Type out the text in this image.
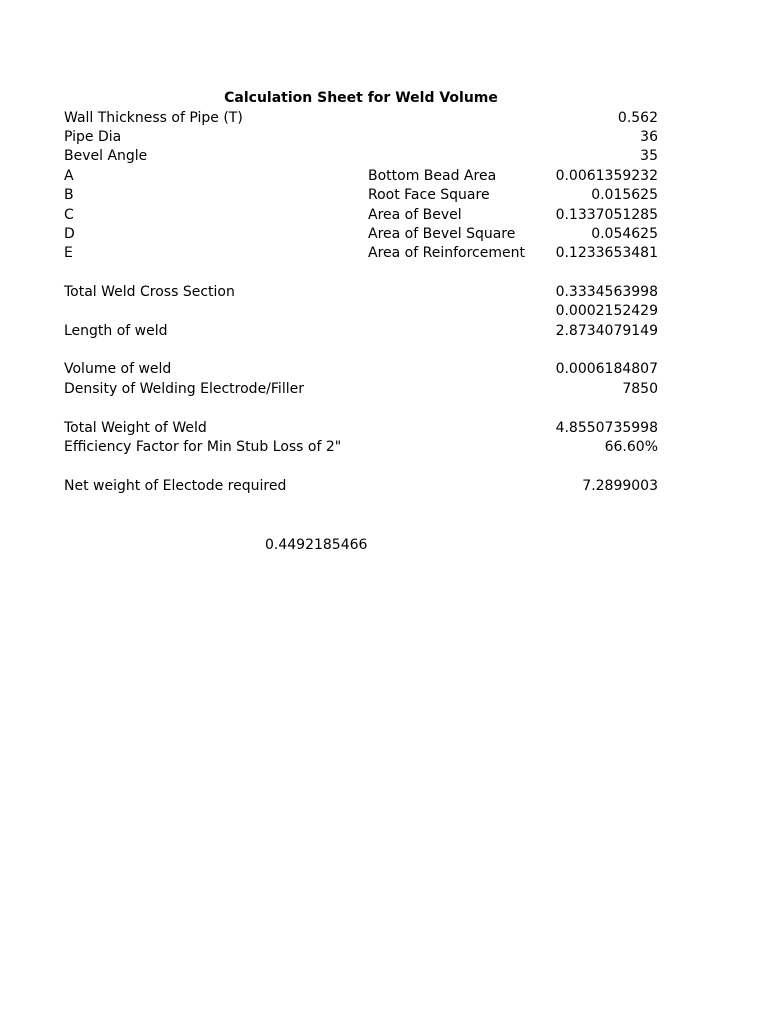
Calculation Sheet for Weld Volume
Wall Thickness of Pipe (T)	0.562
Pipe Dia	36
Bevel Angle	35
A	Bottom Bead Area	0.0061359232
B	Root Face Square	0.015625
C	Area of Bevel	0.1337051285
D	Area of Bevel Square	0.054625
E	Area of Reinforcement 0.1233653481
Total Weld Cross Section	0.3334563998
0.0002152429
Length of weld	2.8734079149
Volume of weld	0.0006184807
Density of Welding Electrode/Filler	7850
Total Weight of Weld	4.8550735998
Efficiency Factor for Min Stub Loss of 2"	66.60%
Net weight of Electode required	7.2899003
0.4492185466
